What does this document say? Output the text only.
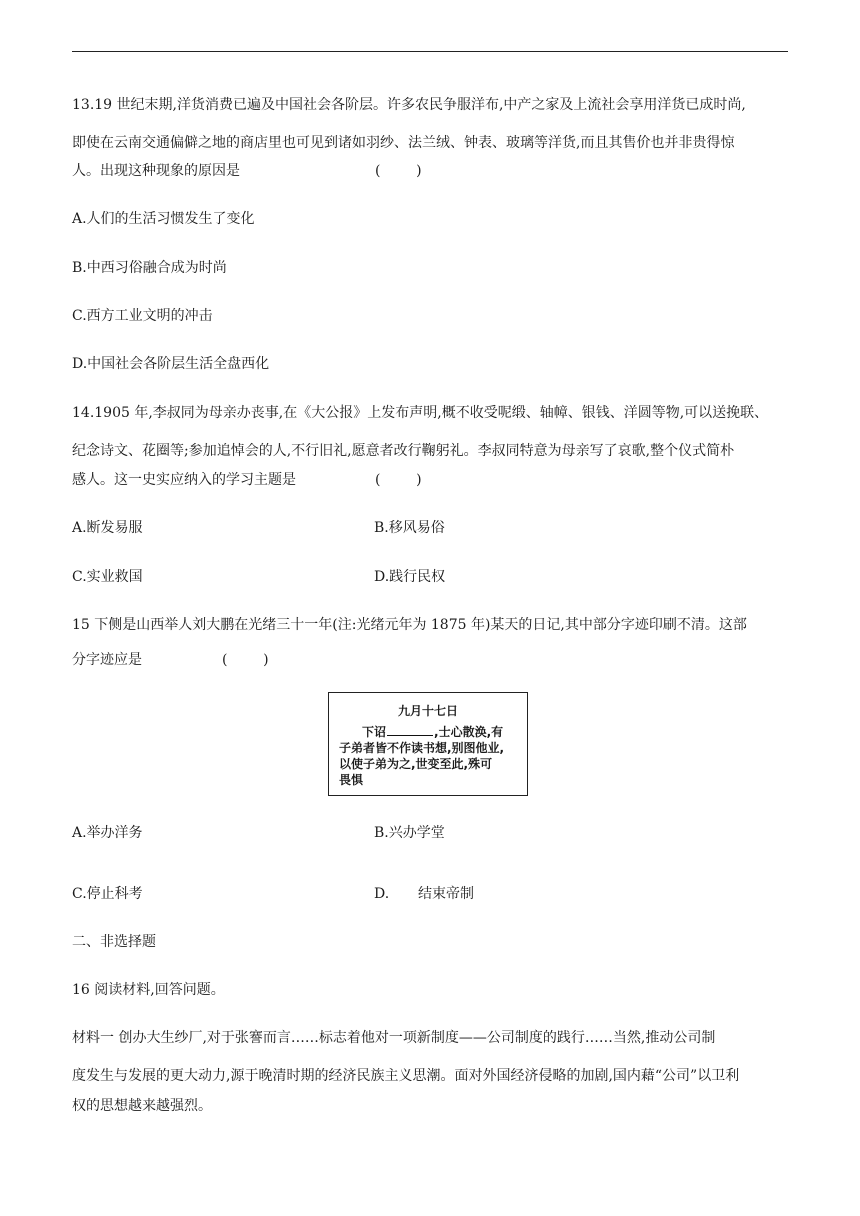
13.19 世纪末期,洋货消费已遍及中国社会各阶层。许多农民争服洋布,中产之家及上流社会享用洋货已成时尚,
即使在云南交通偏僻之地的商店里也可见到诸如羽纱、法兰绒、钟表、玻璃等洋货,而且其售价也并非贵得惊
人。出现这种现象的原因是	(        )
A.人们的生活习惯发生了变化
B.中西习俗融合成为时尚
C.西方工业文明的冲击
D.中国社会各阶层生活全盘西化
14.1905 年,李叔同为母亲办丧事,在《大公报》上发布声明,概不收受呢缎、轴幛、银钱、洋圆等物,可以送挽联、
纪念诗文、花圈等;参加追悼会的人,不行旧礼,愿意者改行鞠躬礼。李叔同特意为母亲写了哀歌,整个仪式简朴
感人。这一史实应纳入的学习主题是	(        )
A.断发易服	B.移风易俗
C.实业救国	D.践行民权
15 下侧是山西举人刘大鹏在光绪三十一年(注:光绪元年为 1875 年)某天的日记,其中部分字迹印刷不清。这部
分字迹应是	(        )
九月十七日
下诏	,士心散涣,有
子弟者皆不作读书想,别图他业,
以使子弟为之,世变至此,殊可
畏惧
A.举办洋务	B.兴办学堂
C.停止科考	D. 结束帝制
二、非选择题
16 阅读材料,回答问题。
材料一 创办大生纱厂,对于张謇而言……标志着他对一项新制度——公司制度的践行……当然,推动公司制
度发生与发展的更大动力,源于晚清时期的经济民族主义思潮。面对外国经济侵略的加剧,国内藉“公司”以卫利
权的思想越来越强烈。
